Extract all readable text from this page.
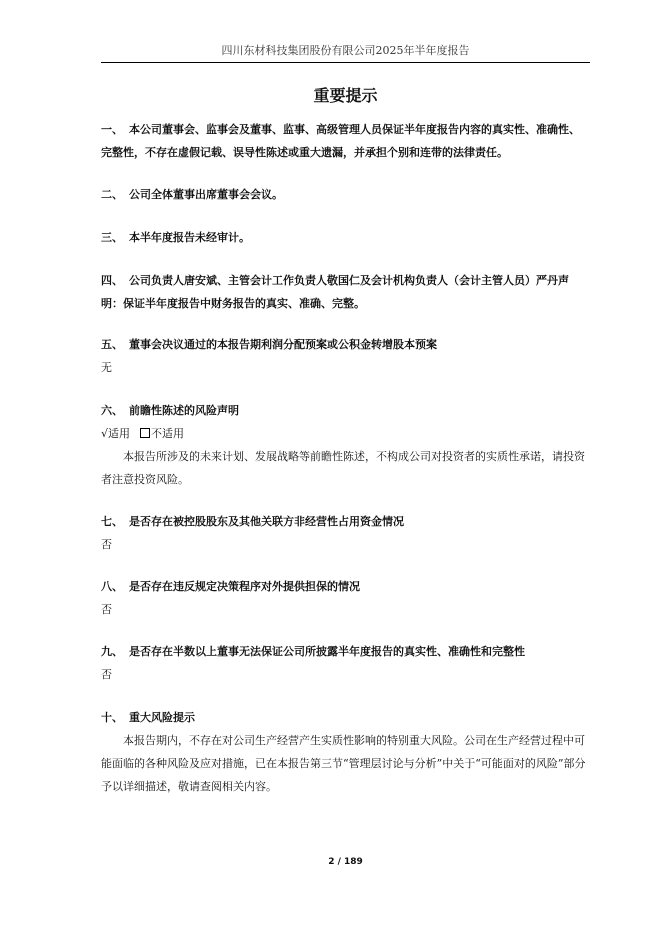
四川东材科技集团股份有限公司2025年半年度报告
重要提示
一、 本公司董事会、监事会及董事、监事、高级管理人员保证半年度报告内容的真实性、准确性、完整性，不存在虚假记载、误导性陈述或重大遗漏，并承担个别和连带的法律责任。
二、 公司全体董事出席董事会会议。
三、 本半年度报告未经审计。
四、 公司负责人唐安斌、主管会计工作负责人敬国仁及会计机构负责人（会计主管人员）严丹声明：保证半年度报告中财务报告的真实、准确、完整。
五、 董事会决议通过的本报告期利润分配预案或公积金转增股本预案
无
六、 前瞻性陈述的风险声明
√适用 不适用
本报告所涉及的未来计划、发展战略等前瞻性陈述，不构成公司对投资者的实质性承诺，请投资者注意投资风险。
七、 是否存在被控股股东及其他关联方非经营性占用资金情况
否
八、 是否存在违反规定决策程序对外提供担保的情况
否
九、 是否存在半数以上董事无法保证公司所披露半年度报告的真实性、准确性和完整性
否
十、 重大风险提示
本报告期内，不存在对公司生产经营产生实质性影响的特别重大风险。公司在生产经营过程中可能面临的各种风险及应对措施，已在本报告第三节“管理层讨论与分析”中关于“可能面对的风险”部分予以详细描述，敬请查阅相关内容。
2 / 189
